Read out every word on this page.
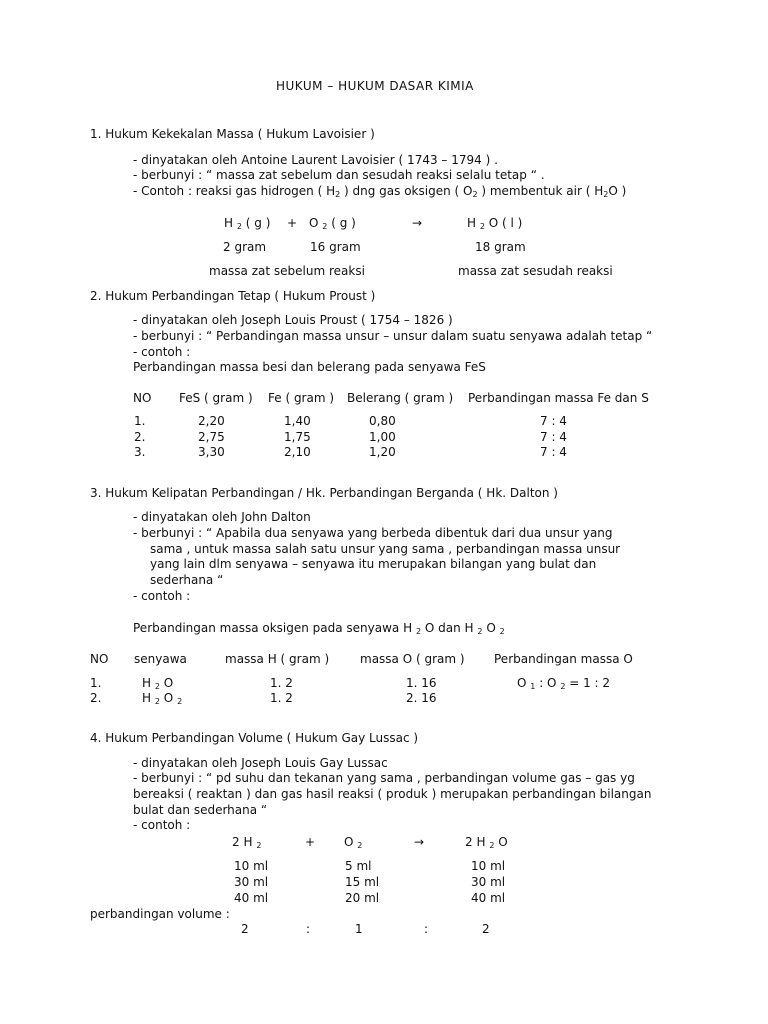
HUKUM – HUKUM DASAR KIMIA
1. Hukum Kekekalan Massa ( Hukum Lavoisier )
- dinyatakan oleh Antoine Laurent Lavoisier ( 1743 – 1794 ) .
- berbunyi : “ massa zat sebelum dan sesudah reaksi selalu tetap “ .
- Contoh : reaksi gas hidrogen ( $H_2$ ) dng gas oksigen ( $O_2$ ) membentuk air ( $H_2O$ )
H $_2$ ( g ) + O $_2$ ( g )	→	H $_2$ O ( l )
2 gram	16 gram	18 gram
massa zat sebelum reaksi	massa zat sesudah reaksi
2. Hukum Perbandingan Tetap ( Hukum Proust )
- dinyatakan oleh Joseph Louis Proust ( 1754 – 1826 )
- berbunyi : “ Perbandingan massa unsur – unsur dalam suatu senyawa adalah tetap “
- contoh :
Perbandingan massa besi dan belerang pada senyawa FeS
NO FeS ( gram ) Fe ( gram ) Belerang ( gram ) Perbandingan massa Fe dan S
1.	2,20	1,40	0,80	7 : 4
2.	2,75	1,75	1,00	7 : 4
3.	3,30	2,10	1,20	7 : 4
3. Hukum Kelipatan Perbandingan / Hk. Perbandingan Berganda ( Hk. Dalton )
- dinyatakan oleh John Dalton
- berbunyi : “ Apabila dua senyawa yang berbeda dibentuk dari dua unsur yang
sama , untuk massa salah satu unsur yang sama , perbandingan massa unsur
yang lain dlm senyawa – senyawa itu merupakan bilangan yang bulat dan
sederhana “
- contoh :
Perbandingan massa oksigen pada senyawa H $_2$ O dan H $_2$ O $_2$
NO senyawa	massa H ( gram )	massa O ( gram ) Perbandingan massa O
1.	H $_2$ O	1. 2	1. 16	O $_1$ : O $_2$ = 1 : 2
2.	H $_2$ O $_2$	1. 2	2. 16
4. Hukum Perbandingan Volume ( Hukum Gay Lussac )
- dinyatakan oleh Joseph Louis Gay Lussac
- berbunyi : “ pd suhu dan tekanan yang sama , perbandingan volume gas – gas yg
bereaksi ( reaktan ) dan gas hasil reaksi ( produk ) merupakan perbandingan bilangan
bulat dan sederhana “
- contoh :
2 H $_2$	+ O $_2$	→	2 H $_2$ O
10 ml	5 ml	10 ml
30 ml	15 ml	30 ml
40 ml	20 ml	40 ml
perbandingan volume :
2	:	1	:	2
